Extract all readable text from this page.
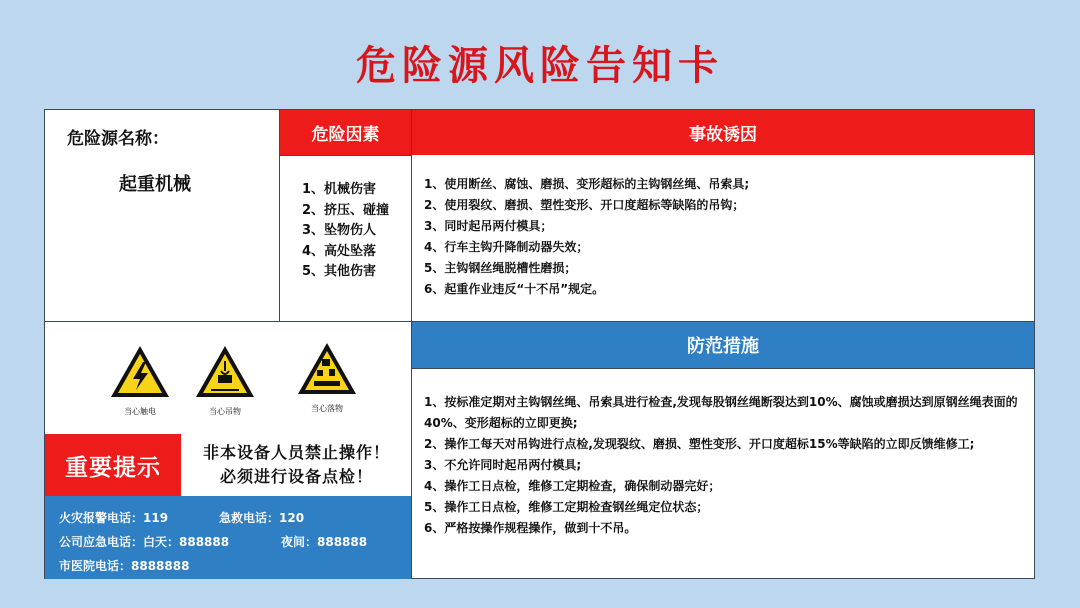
危险源风险告知卡
危险源名称：
起重机械
危险因素
1、机械伤害
2、挤压、碰撞
3、坠物伤人
4、高处坠落
5、其他伤害
事故诱因
1、使用断丝、腐蚀、磨损、变形超标的主钩钢丝绳、吊索具;
2、使用裂纹、磨损、塑性变形、开口度超标等缺陷的吊钩；
3、同时起吊两付模具；
4、行车主钩升降制动器失效；
5、主钩钢丝绳脱槽性磨损；
6、起重作业违反“十不吊”规定。
当心触电	当心吊物	当心落物
重要提示
非本设备人员禁止操作！
必须进行设备点检！
火灾报警电话：119	急救电话：120
公司应急电话：白天：888888	夜间：888888
市医院电话：8888888
防范措施
1、按标准定期对主钩钢丝绳、吊索具进行检查,发现每股钢丝绳断裂达到10%、腐蚀或磨损达到原钢丝绳表面的40%、变形超标的立即更换;
2、操作工每天对吊钩进行点检,发现裂纹、磨损、塑性变形、开口度超标15%等缺陷的立即反馈维修工;
3、不允许同时起吊两付模具;
4、操作工日点检，维修工定期检查，确保制动器完好；
5、操作工日点检，维修工定期检查钢丝绳定位状态；
6、严格按操作规程操作，做到十不吊。
